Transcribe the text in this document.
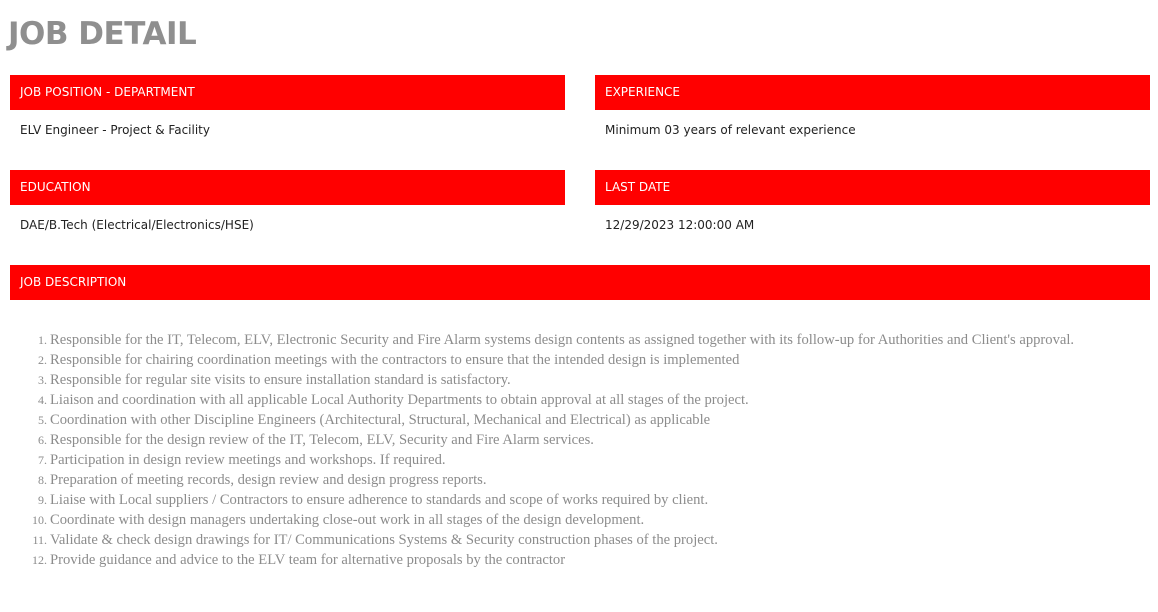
JOB DETAIL
JOB POSITION - DEPARTMENT
ELV Engineer - Project & Facility
EXPERIENCE
Minimum 03 years of relevant experience
EDUCATION
DAE/B.Tech (Electrical/Electronics/HSE)
LAST DATE
12/29/2023 12:00:00 AM
JOB DESCRIPTION
1. Responsible for the IT, Telecom, ELV, Electronic Security and Fire Alarm systems design contents as assigned together with its follow-up for Authorities and Client's approval.
2. Responsible for chairing coordination meetings with the contractors to ensure that the intended design is implemented
3. Responsible for regular site visits to ensure installation standard is satisfactory.
4. Liaison and coordination with all applicable Local Authority Departments to obtain approval at all stages of the project.
5. Coordination with other Discipline Engineers (Architectural, Structural, Mechanical and Electrical) as applicable
6. Responsible for the design review of the IT, Telecom, ELV, Security and Fire Alarm services.
7. Participation in design review meetings and workshops. If required.
8. Preparation of meeting records, design review and design progress reports.
9. Liaise with Local suppliers / Contractors to ensure adherence to standards and scope of works required by client.
10. Coordinate with design managers undertaking close-out work in all stages of the design development.
11. Validate & check design drawings for IT/ Communications Systems & Security construction phases of the project.
12. Provide guidance and advice to the ELV team for alternative proposals by the contractor
